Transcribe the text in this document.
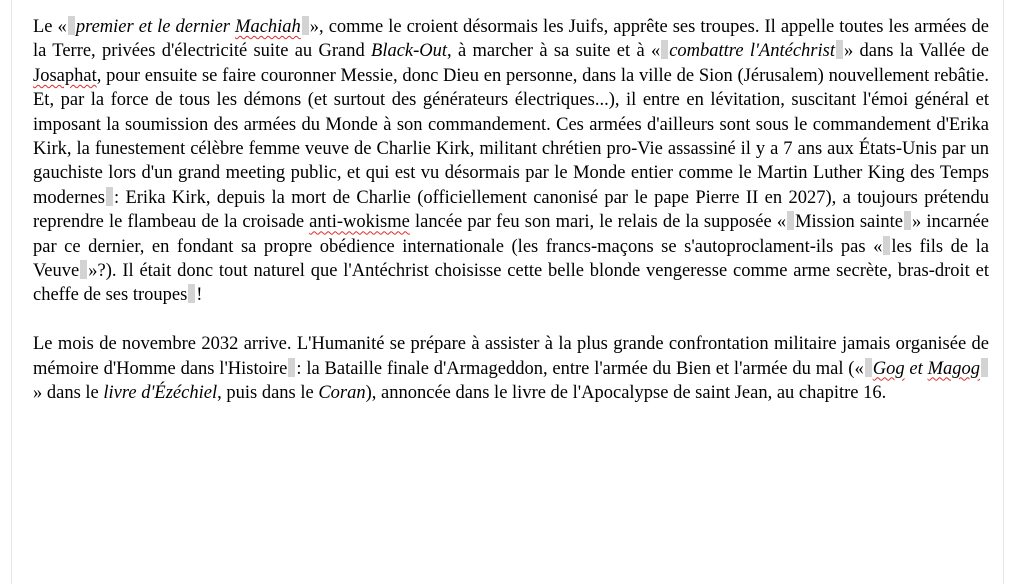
Le « premier et le dernier Machiah », comme le croient désormais les Juifs, apprête ses troupes. Il appelle toutes les armées de la Terre, privées d'électricité suite au Grand Black-Out, à marcher à sa suite et à « combattre l'Antéchrist » dans la Vallée de Josaphat, pour ensuite se faire couronner Messie, donc Dieu en personne, dans la ville de Sion (Jérusalem) nouvellement rebâtie. Et, par la force de tous les démons (et surtout des générateurs électriques...), il entre en lévitation, suscitant l'émoi général et imposant la soumission des armées du Monde à son commandement. Ces armées d'ailleurs sont sous le commandement d'Erika Kirk, la funestement célèbre femme veuve de Charlie Kirk, militant chrétien pro-Vie assassiné il y a 7 ans aux États-Unis par un gauchiste lors d'un grand meeting public, et qui est vu désormais par le Monde entier comme le Martin Luther King des Temps modernes : Erika Kirk, depuis la mort de Charlie (officiellement canonisé par le pape Pierre II en 2027), a toujours prétendu reprendre le flambeau de la croisade anti-wokisme lancée par feu son mari, le relais de la supposée « Mission sainte » incarnée par ce dernier, en fondant sa propre obédience internationale (les francs-maçons se s'autoproclament-ils pas « les fils de la Veuve »?). Il était donc tout naturel que l'Antéchrist choisisse cette belle blonde vengeresse comme arme secrète, bras-droit et cheffe de ses troupes !

Le mois de novembre 2032 arrive. L'Humanité se prépare à assister à la plus grande confrontation militaire jamais organisée de mémoire d'Homme dans l'Histoire : la Bataille finale d'Armageddon, entre l'armée du Bien et l'armée du mal (« Gog et Magog» dans le livre d'Ézéchiel, puis dans le Coran), annoncée dans le livre de l'Apocalypse de saint Jean, au chapitre 16.
